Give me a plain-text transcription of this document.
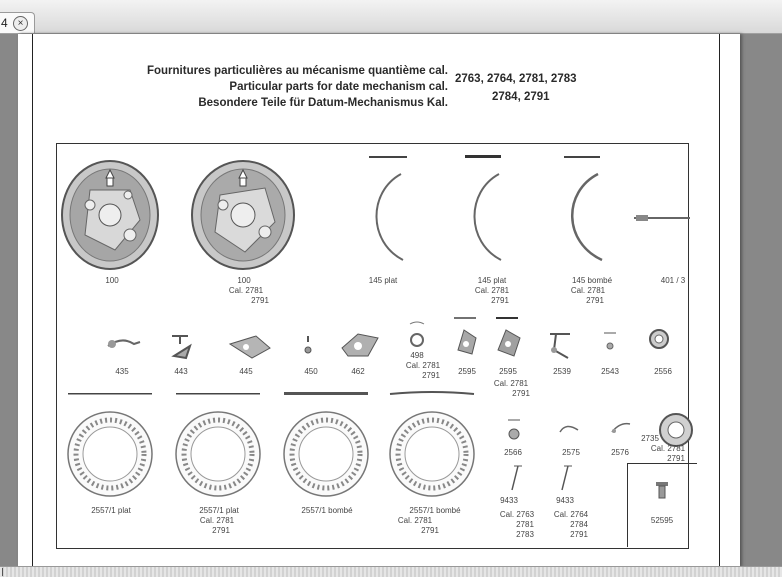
4 ×
Fournitures particulières au mécanisme quantième cal.
Particular parts for date mechanism cal.
Besondere Teile für Datum-Mechanismus Kal.
2763, 2764, 2781, 2783
2784, 2791
100	100
Cal. 2781
2791
145 plat	145 plat
Cal. 2781
2791
145 bombé
Cal. 2781
2791
401 / 3
435	443	445	450	462
498
Cal. 2781
2791 2595	2595
Cal. 2781
2791
2539	2543	2556
2557/1 plat	2557/1 plat
Cal. 2781
2791
2557/1 bombé	2557/1 bombé
Cal. 2781
2791
2566	2575	2576
2735
Cal. 2781
2791
9433
Cal. 2763
2781
2783
9433
Cal. 2764
2784
2791
52595
